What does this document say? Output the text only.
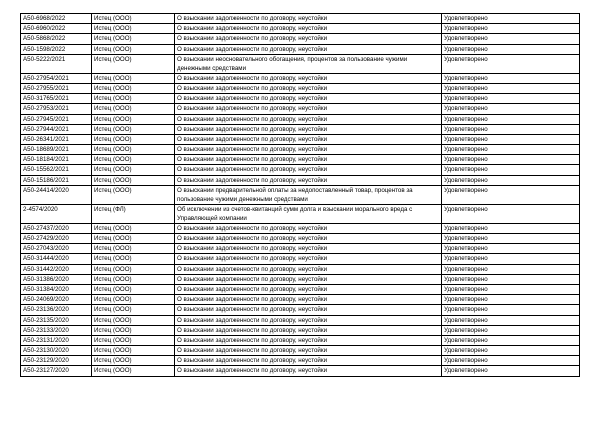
А50-6968/2022	Истец (ООО)	О взыскании задолженности по договору, неустойки	Удовлетворено
А50-6960/2022	Истец (ООО)	О взыскании задолженности по договору, неустойки	Удовлетворено
А50-5868/2022	Истец (ООО)	О взыскании задолженности по договору, неустойки	Удовлетворено
А50-1598/2022	Истец (ООО)	О взыскании задолженности по договору, неустойки	Удовлетворено
А50-5222/2021	Истец (ООО)	О взыскании неосновательного обогащения, процентов за пользование чужими денежными средствами	Удовлетворено
А50-27954/2021	Истец (ООО)	О взыскании задолженности по договору, неустойки	Удовлетворено
А50-27955/2021	Истец (ООО)	О взыскании задолженности по договору, неустойки	Удовлетворено
А50-31765/2021	Истец (ООО)	О взыскании задолженности по договору, неустойки	Удовлетворено
А50-27953/2021	Истец (ООО)	О взыскании задолженности по договору, неустойки	Удовлетворено
А50-27945/2021	Истец (ООО)	О взыскании задолженности по договору, неустойки	Удовлетворено
А50-27944/2021	Истец (ООО)	О взыскании задолженности по договору, неустойки	Удовлетворено
А50-26341/2021	Истец (ООО)	О взыскании задолженности по договору, неустойки	Удовлетворено
А50-18689/2021	Истец (ООО)	О взыскании задолженности по договору, неустойки	Удовлетворено
А50-18184/2021	Истец (ООО)	О взыскании задолженности по договору, неустойки	Удовлетворено
А50-15562/2021	Истец (ООО)	О взыскании задолженности по договору, неустойки	Удовлетворено
А50-15186/2021	Истец (ООО)	О взыскании задолженности по договору, неустойки	Удовлетворено
А50-24414/2020	Истец (ООО)	О взыскании предварительной оплаты за недопоставленный товар, процентов за пользование чужими денежными средствами	Удовлетворено
2-4574/2020	Истец (ФЛ)	Об исключении из счетов-квитанций сумм долга и взыскании морального вреда с Управляющей компании	Удовлетворено
А50-27437/2020	Истец (ООО)	О взыскании задолженности по договору, неустойки	Удовлетворено
А50-27429/2020	Истец (ООО)	О взыскании задолженности по договору, неустойки	Удовлетворено
А50-27043/2020	Истец (ООО)	О взыскании задолженности по договору, неустойки	Удовлетворено
А50-31444/2020	Истец (ООО)	О взыскании задолженности по договору, неустойки	Удовлетворено
А50-31442/2020	Истец (ООО)	О взыскании задолженности по договору, неустойки	Удовлетворено
А50-31386/2020	Истец (ООО)	О взыскании задолженности по договору, неустойки	Удовлетворено
А50-31384/2020	Истец (ООО)	О взыскании задолженности по договору, неустойки	Удовлетворено
А50-24069/2020	Истец (ООО)	О взыскании задолженности по договору, неустойки	Удовлетворено
А50-23136/2020	Истец (ООО)	О взыскании задолженности по договору, неустойки	Удовлетворено
А50-23135/2020	Истец (ООО)	О взыскании задолженности по договору, неустойки	Удовлетворено
А50-23133/2020	Истец (ООО)	О взыскании задолженности по договору, неустойки	Удовлетворено
А50-23131/2020	Истец (ООО)	О взыскании задолженности по договору, неустойки	Удовлетворено
А50-23130/2020	Истец (ООО)	О взыскании задолженности по договору, неустойки	Удовлетворено
А50-23129/2020	Истец (ООО)	О взыскании задолженности по договору, неустойки	Удовлетворено
А50-23127/2020	Истец (ООО)	О взыскании задолженности по договору, неустойки	Удовлетворено
